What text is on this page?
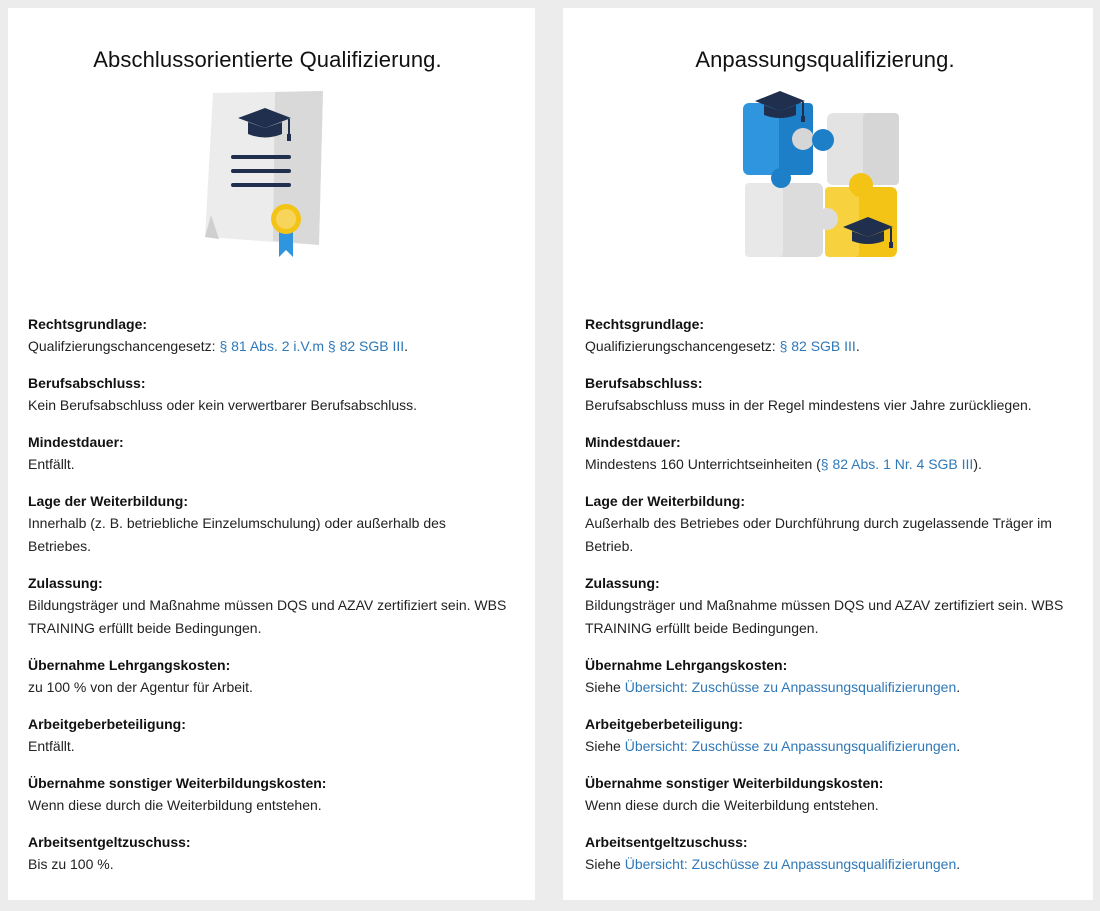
Abschlussorientierte Qualifizierung.
Rechtsgrundlage:
Qualifzierungschancengesetz: § 81 Abs. 2 i.V.m § 82 SGB III.
Berufsabschluss:
Kein Berufsabschluss oder kein verwertbarer Berufsabschluss.
Mindestdauer:
Entfällt.
Lage der Weiterbildung:
Innerhalb (z. B. betriebliche Einzelumschulung) oder außerhalb des Betriebes.
Zulassung:
Bildungsträger und Maßnahme müssen DQS und AZAV zertifiziert sein. WBS TRAINING erfüllt beide Bedingungen.
Übernahme Lehrgangskosten:
zu 100 % von der Agentur für Arbeit.
Arbeitgeberbeteiligung:
Entfällt.
Übernahme sonstiger Weiterbildungskosten:
Wenn diese durch die Weiterbildung entstehen.
Arbeitsentgeltzuschuss:
Bis zu 100 %.
Anpassungsqualifizierung.
Rechtsgrundlage:
Qualifizierungschancengesetz: § 82 SGB III.
Berufsabschluss:
Berufsabschluss muss in der Regel mindestens vier Jahre zurückliegen.
Mindestdauer:
Mindestens 160 Unterrichtseinheiten (§ 82 Abs. 1 Nr. 4 SGB III).
Lage der Weiterbildung:
Außerhalb des Betriebes oder Durchführung durch zugelassende Träger im Betrieb.
Zulassung:
Bildungsträger und Maßnahme müssen DQS und AZAV zertifiziert sein. WBS TRAINING erfüllt beide Bedingungen.
Übernahme Lehrgangskosten:
Siehe Übersicht: Zuschüsse zu Anpassungsqualifizierungen.
Arbeitgeberbeteiligung:
Siehe Übersicht: Zuschüsse zu Anpassungsqualifizierungen.
Übernahme sonstiger Weiterbildungskosten:
Wenn diese durch die Weiterbildung entstehen.
Arbeitsentgeltzuschuss:
Siehe Übersicht: Zuschüsse zu Anpassungsqualifizierungen.
